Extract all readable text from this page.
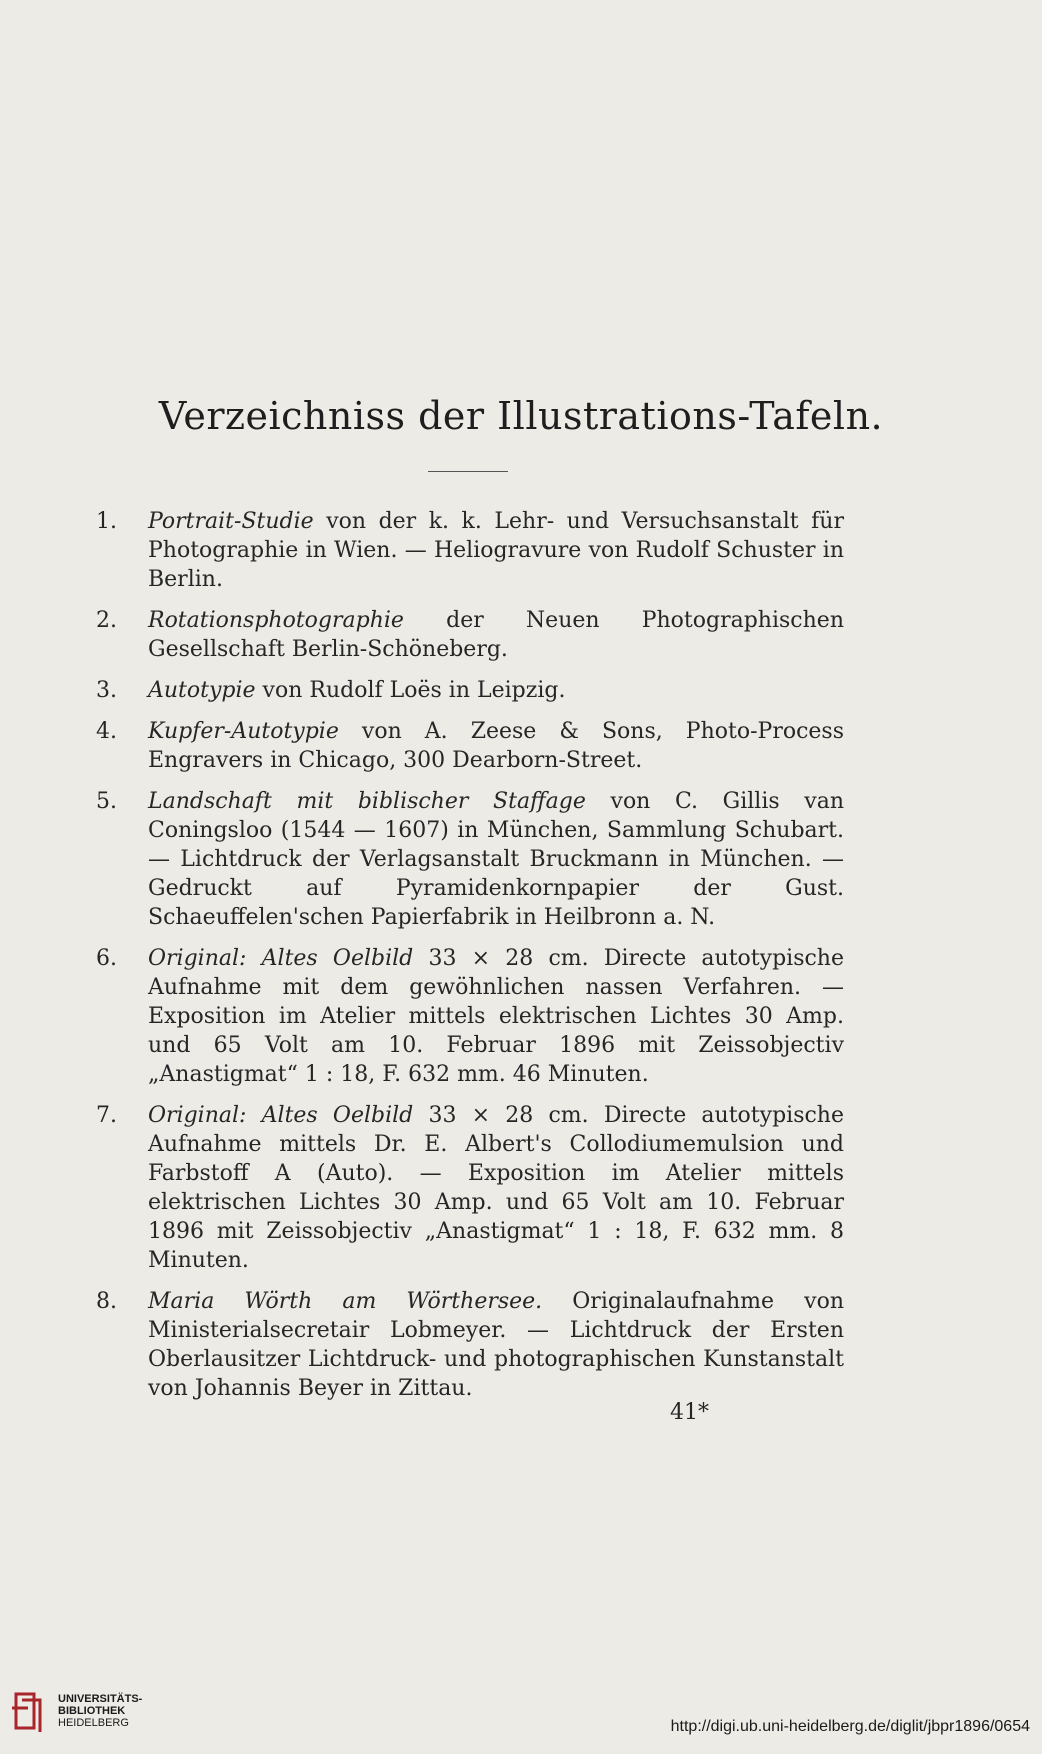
Verzeichniss der Illustrations-Tafeln.
1.	Portrait-Studie von der k. k. Lehr- und Versuchsanstalt für Photographie in Wien. — Heliogravure von Rudolf Schuster in Berlin.
2.	Rotationsphotographie der Neuen Photographischen Gesellschaft Berlin-Schöneberg.
3.	Autotypie von Rudolf Loës in Leipzig.
4.	Kupfer-Autotypie von A. Zeese & Sons, Photo-Process Engravers in Chicago, 300 Dearborn-Street.
5.	Landschaft mit biblischer Staffage von C. Gillis van Coningsloo (1544 — 1607) in München, Sammlung Schubart. — Lichtdruck der Verlagsanstalt Bruckmann in München. — Gedruckt auf Pyramidenkornpapier der Gust. Schaeuffelen'schen Papierfabrik in Heilbronn a. N.
6.	Original: Altes Oelbild 33 × 28 cm. Directe autotypische Aufnahme mit dem gewöhnlichen nassen Verfahren. — Exposition im Atelier mittels elektrischen Lichtes 30 Amp. und 65 Volt am 10. Februar 1896 mit Zeissobjectiv „Anastigmat“ 1 : 18, F. 632 mm. 46 Minuten.
7.	Original: Altes Oelbild 33 × 28 cm. Directe autotypische Aufnahme mittels Dr. E. Albert's Collodiumemulsion und Farbstoff A (Auto). — Exposition im Atelier mittels elektrischen Lichtes 30 Amp. und 65 Volt am 10. Februar 1896 mit Zeissobjectiv „Anastigmat“ 1 : 18, F. 632 mm. 8 Minuten.
8.	Maria Wörth am Wörthersee. Originalaufnahme von Ministerialsecretair Lobmeyer. — Lichtdruck der Ersten Oberlausitzer Lichtdruck- und photographischen Kunstanstalt von Johannis Beyer in Zittau.
41*
UNIVERSITÄTS-
BIBLIOTHEK
HEIDELBERG	http://digi.ub.uni-heidelberg.de/diglit/jbpr1896/0654
